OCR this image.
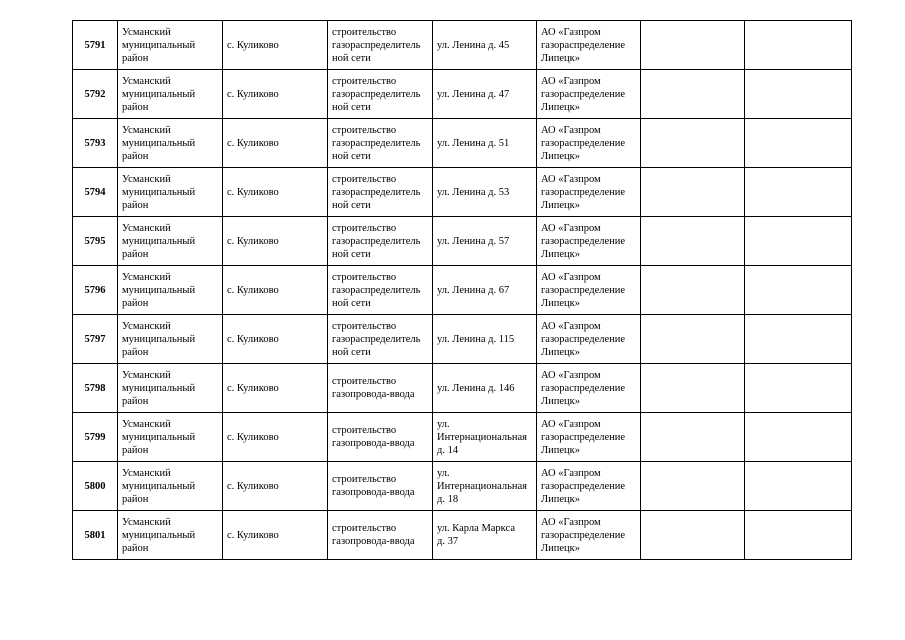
5791	Усманский
муниципальный
район	с. Куликово	строительство
газораспределитель
ной сети	ул. Ленина д. 45	АО «Газпром
газораспределение
Липецк»		

5792	Усманский
муниципальный
район	с. Куликово	строительство
газораспределитель
ной сети	ул. Ленина д. 47	АО «Газпром
газораспределение
Липецк»		

5793	Усманский
муниципальный
район	с. Куликово	строительство
газораспределитель
ной сети	ул. Ленина д. 51	АО «Газпром
газораспределение
Липецк»		

5794	Усманский
муниципальный
район	с. Куликово	строительство
газораспределитель
ной сети	ул. Ленина д. 53	АО «Газпром
газораспределение
Липецк»		

5795	Усманский
муниципальный
район	с. Куликово	строительство
газораспределитель
ной сети	ул. Ленина д. 57	АО «Газпром
газораспределение
Липецк»		

5796	Усманский
муниципальный
район	с. Куликово	строительство
газораспределитель
ной сети	ул. Ленина д. 67	АО «Газпром
газораспределение
Липецк»		

5797	Усманский
муниципальный
район	с. Куликово	строительство
газораспределитель
ной сети	ул. Ленина д. 115	АО «Газпром
газораспределение
Липецк»		

5798	Усманский
муниципальный
район	с. Куликово	строительство
газопровода-ввода	ул. Ленина д. 146	АО «Газпром
газораспределение
Липецк»		

5799	Усманский
муниципальный
район	с. Куликово	строительство
газопровода-ввода	ул.
Интернациональная
д. 14	АО «Газпром
газораспределение
Липецк»		

5800	Усманский
муниципальный
район	с. Куликово	строительство
газопровода-ввода	ул.
Интернациональная
д. 18	АО «Газпром
газораспределение
Липецк»		

5801	Усманский
муниципальный
район	с. Куликово	строительство
газопровода-ввода	ул. Карла Маркса
д. 37	АО «Газпром
газораспределение
Липецк»		
